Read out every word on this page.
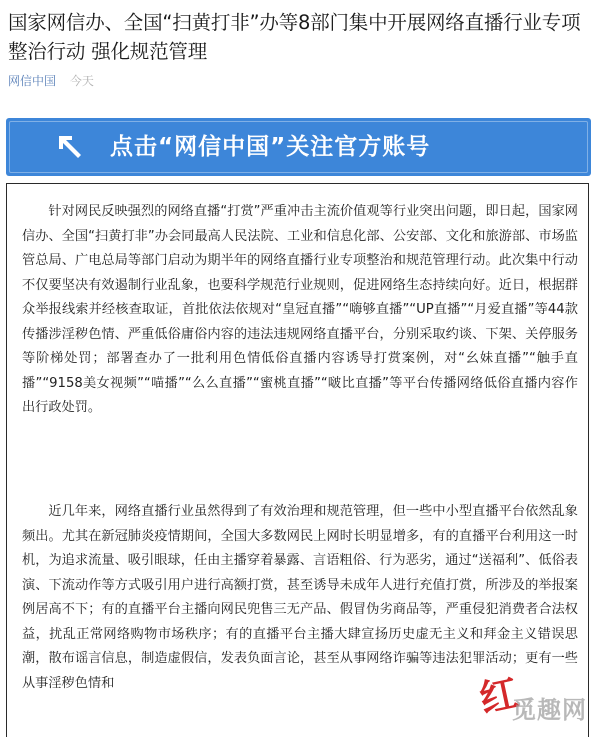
国家网信办、全国“扫黄打非”办等8部门集中开展网络直播行业专项整治行动 强化规范管理
网信中国 今天
点击“网信中国”关注官方账号

针对网民反映强烈的网络直播“打赏”严重冲击主流价值观等行业突出问题，即日起，国家网信办、全国“扫黄打非”办会同最高人民法院、工业和信息化部、公安部、文化和旅游部、市场监管总局、广电总局等部门启动为期半年的网络直播行业专项整治和规范管理行动。此次集中行动不仅要坚决有效遏制行业乱象，也要科学规范行业规则，促进网络生态持续向好。近日，根据群众举报线索并经核查取证，首批依法依规对“皇冠直播”“嗨够直播”“UP直播”“月爱直播”等44款传播涉淫秽色情、严重低俗庸俗内容的违法违规网络直播平台，分别采取约谈、下架、关停服务等阶梯处罚；部署查办了一批利用色情低俗直播内容诱导打赏案例，对“幺妹直播”“触手直播”“9158美女视频”“喵播”“么么直播”“蜜桃直播”“啵比直播”等平台传播网络低俗直播内容作出行政处罚。

近几年来，网络直播行业虽然得到了有效治理和规范管理，但一些中小型直播平台依然乱象频出。尤其在新冠肺炎疫情期间，全国大多数网民上网时长明显增多，有的直播平台利用这一时机，为追求流量、吸引眼球，任由主播穿着暴露、言语粗俗、行为恶劣，通过“送福利”、低俗表演、下流动作等方式吸引用户进行高额打赏，甚至诱导未成年人进行充值打赏，所涉及的举报案例居高不下；有的直播平台主播向网民兜售三无产品、假冒伪劣商品等，严重侵犯消费者合法权益，扰乱正常网络购物市场秩序；有的直播平台主播大肆宣扬历史虚无主义和拜金主义错误思潮，散布谣言信息，制造虚假信，发表负面言论，甚至从事网络诈骗等违法犯罪活动；更有一些从事淫秽色情和	红
觅趣网
